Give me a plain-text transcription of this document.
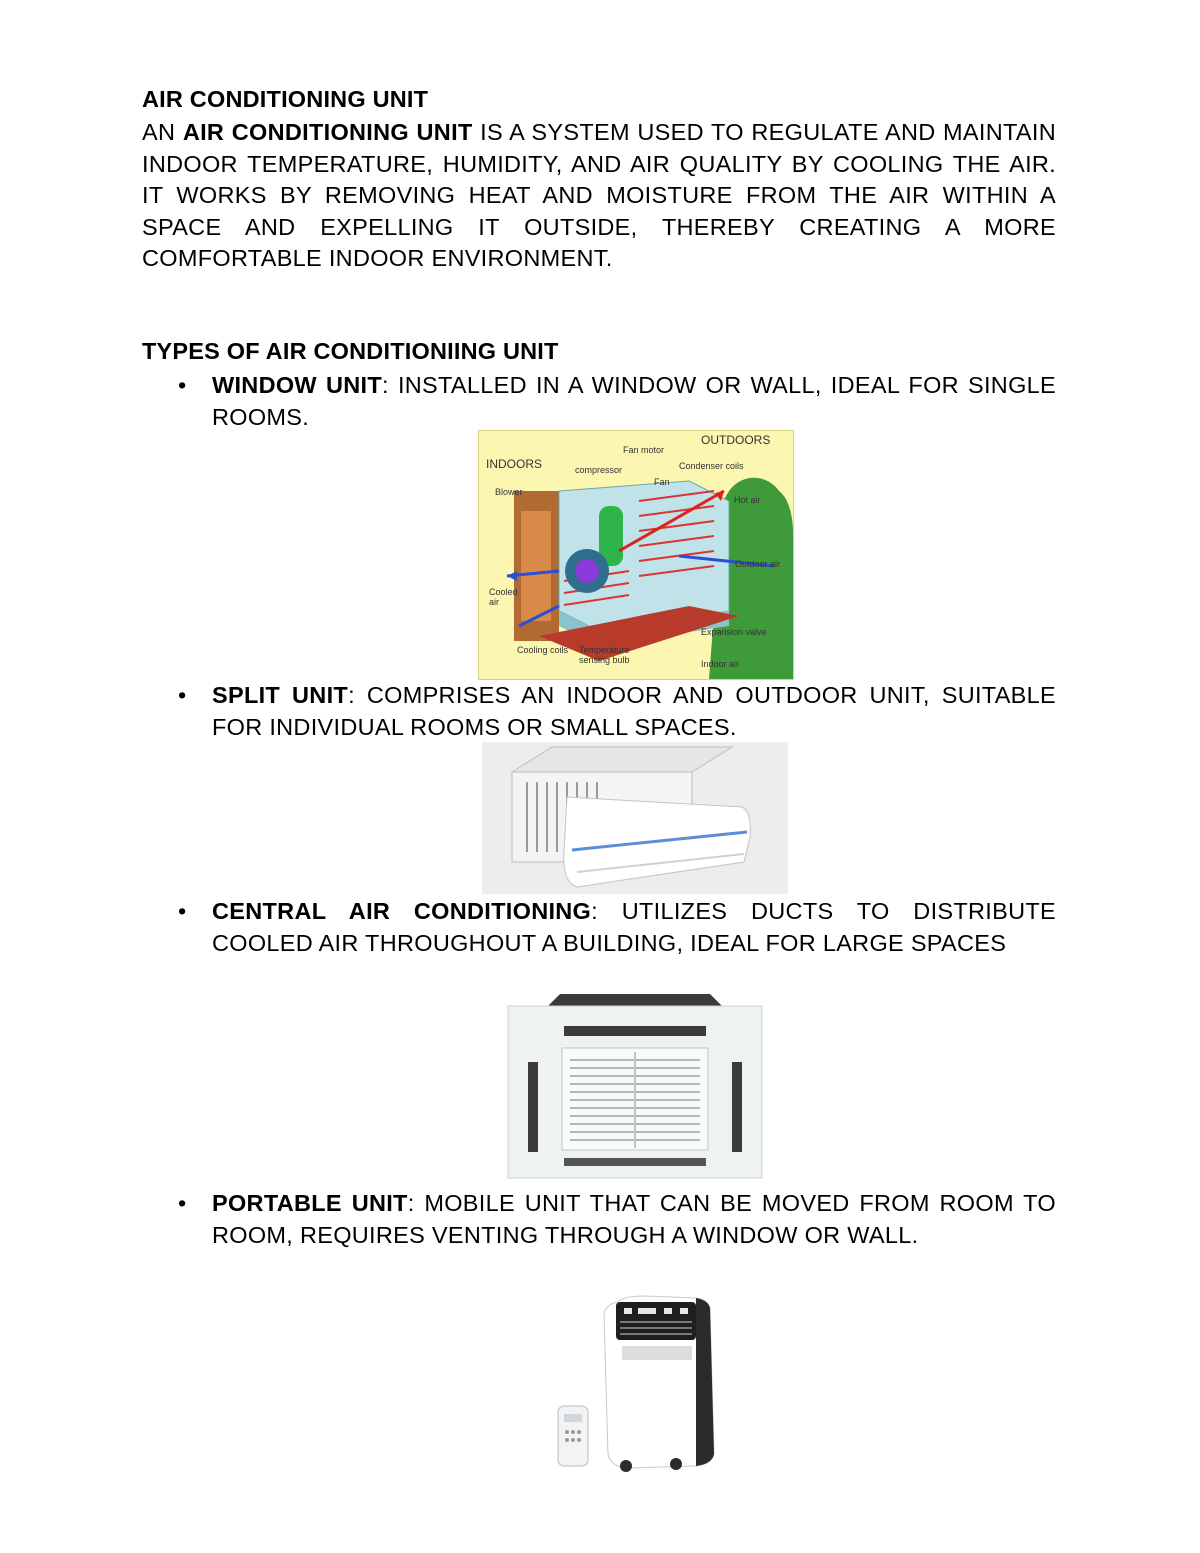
AIR CONDITIONING UNIT
AN AIR CONDITIONING UNIT IS A SYSTEM USED TO REGULATE AND MAINTAIN INDOOR TEMPERATURE, HUMIDITY, AND AIR QUALITY BY COOLING THE AIR. IT WORKS BY REMOVING HEAT AND MOISTURE FROM THE AIR WITHIN A SPACE AND EXPELLING IT OUTSIDE, THEREBY CREATING A MORE COMFORTABLE INDOOR ENVIRONMENT.
TYPES OF AIR CONDITIONIING UNIT
• WINDOW UNIT: INSTALLED IN A WINDOW OR WALL, IDEAL FOR SINGLE ROOMS.
INDOORS
OUTDOORS
Fan motor
compressor
Fan
Condenser coils
Blower
Hot air
Outdoor air
Cooled air
Expansion valve
Cooling coils Temperature sensing bulb	Indoor air
• SPLIT UNIT: COMPRISES AN INDOOR AND OUTDOOR UNIT, SUITABLE FOR INDIVIDUAL ROOMS OR SMALL SPACES.
• CENTRAL AIR CONDITIONING: UTILIZES DUCTS TO DISTRIBUTE COOLED AIR THROUGHOUT A BUILDING, IDEAL FOR LARGE SPACES
• PORTABLE UNIT: MOBILE UNIT THAT CAN BE MOVED FROM ROOM TO ROOM, REQUIRES VENTING THROUGH A WINDOW OR WALL.
